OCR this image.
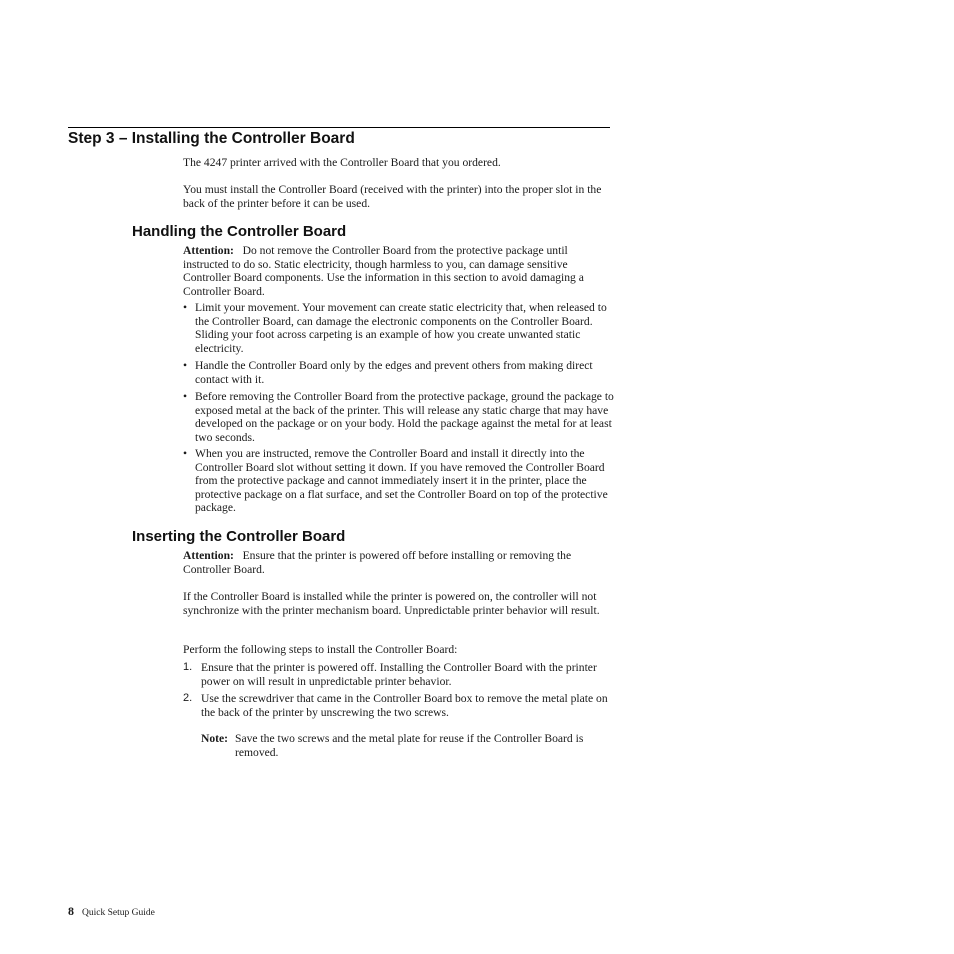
Step 3 – Installing the Controller Board
The 4247 printer arrived with the Controller Board that you ordered.
You must install the Controller Board (received with the printer) into the proper slot in the back of the printer before it can be used.
Handling the Controller Board
Attention: Do not remove the Controller Board from the protective package until instructed to do so. Static electricity, though harmless to you, can damage sensitive Controller Board components. Use the information in this section to avoid damaging a Controller Board.
• Limit your movement. Your movement can create static electricity that, when released to the Controller Board, can damage the electronic components on the Controller Board. Sliding your foot across carpeting is an example of how you create unwanted static electricity.
• Handle the Controller Board only by the edges and prevent others from making direct contact with it.
• Before removing the Controller Board from the protective package, ground the package to exposed metal at the back of the printer. This will release any static charge that may have developed on the package or on your body. Hold the package against the metal for at least two seconds.
• When you are instructed, remove the Controller Board and install it directly into the Controller Board slot without setting it down. If you have removed the Controller Board from the protective package and cannot immediately insert it in the printer, place the protective package on a flat surface, and set the Controller Board on top of the protective package.
Inserting the Controller Board
Attention: Ensure that the printer is powered off before installing or removing the Controller Board.
If the Controller Board is installed while the printer is powered on, the controller will not synchronize with the printer mechanism board. Unpredictable printer behavior will result.
Perform the following steps to install the Controller Board:
1. Ensure that the printer is powered off. Installing the Controller Board with the printer power on will result in unpredictable printer behavior.
2. Use the screwdriver that came in the Controller Board box to remove the metal plate on the back of the printer by unscrewing the two screws.
Note: Save the two screws and the metal plate for reuse if the Controller Board is removed.
8 Quick Setup Guide
